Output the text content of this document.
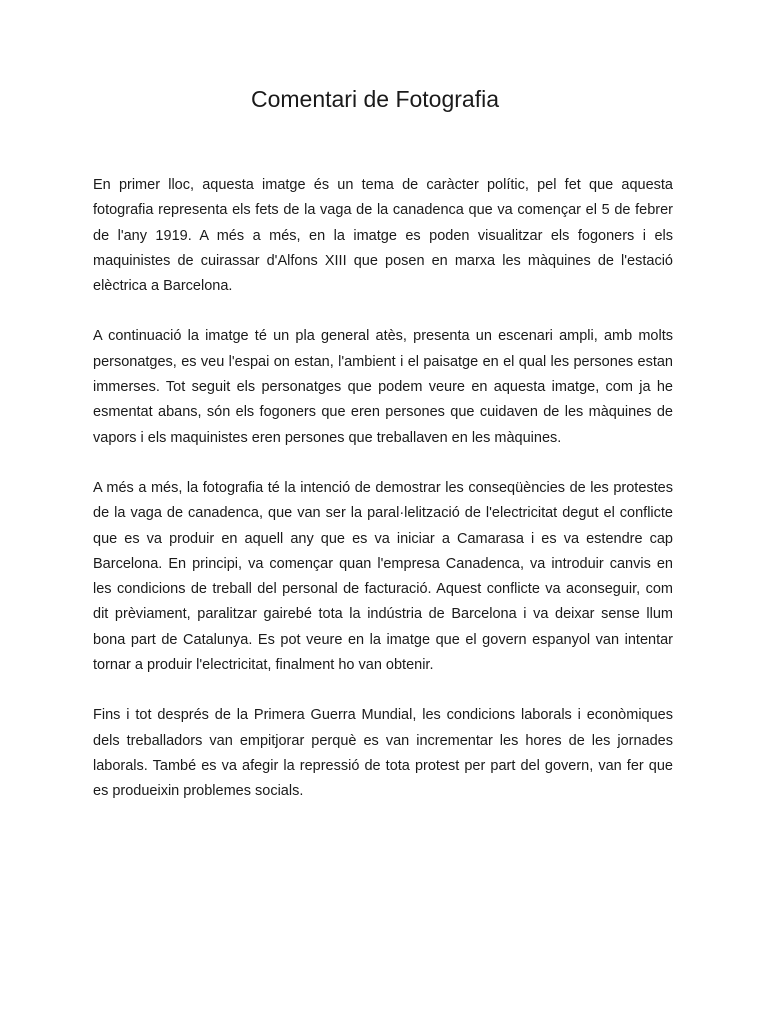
Comentari de Fotografia

En primer lloc, aquesta imatge és un tema de caràcter polític, pel fet que aquesta fotografia representa els fets de la vaga de la canadenca que va començar el 5 de febrer de l'any 1919. A més a més, en la imatge es poden visualitzar els fogoners i els maquinistes de cuirassar d'Alfons XIII que posen en marxa les màquines de l'estació elèctrica a Barcelona.

A continuació la imatge té un pla general atès, presenta un escenari ampli, amb molts personatges, es veu l'espai on estan, l'ambient i el paisatge en el qual les persones estan immerses. Tot seguit els personatges que podem veure en aquesta imatge, com ja he esmentat abans, són els fogoners que eren persones que cuidaven de les màquines de vapors i els maquinistes eren persones que treballaven en les màquines.

A més a més, la fotografia té la intenció de demostrar les conseqüències de les protestes de la vaga de canadenca, que van ser la paral·lelització de l'electricitat degut el conflicte que es va produir en aquell any que es va iniciar a Camarasa i es va estendre cap Barcelona. En principi, va començar quan l'empresa Canadenca, va introduir canvis en les condicions de treball del personal de facturació. Aquest conflicte va aconseguir, com dit prèviament, paralitzar gairebé tota la indústria de Barcelona i va deixar sense llum bona part de Catalunya. Es pot veure en la imatge que el govern espanyol van intentar tornar a produir l'electricitat, finalment ho van obtenir.

Fins i tot després de la Primera Guerra Mundial, les condicions laborals i econòmiques dels treballadors van empitjorar perquè es van incrementar les hores de les jornades laborals. També es va afegir la repressió de tota protest per part del govern, van fer que es produeixin problemes socials.
